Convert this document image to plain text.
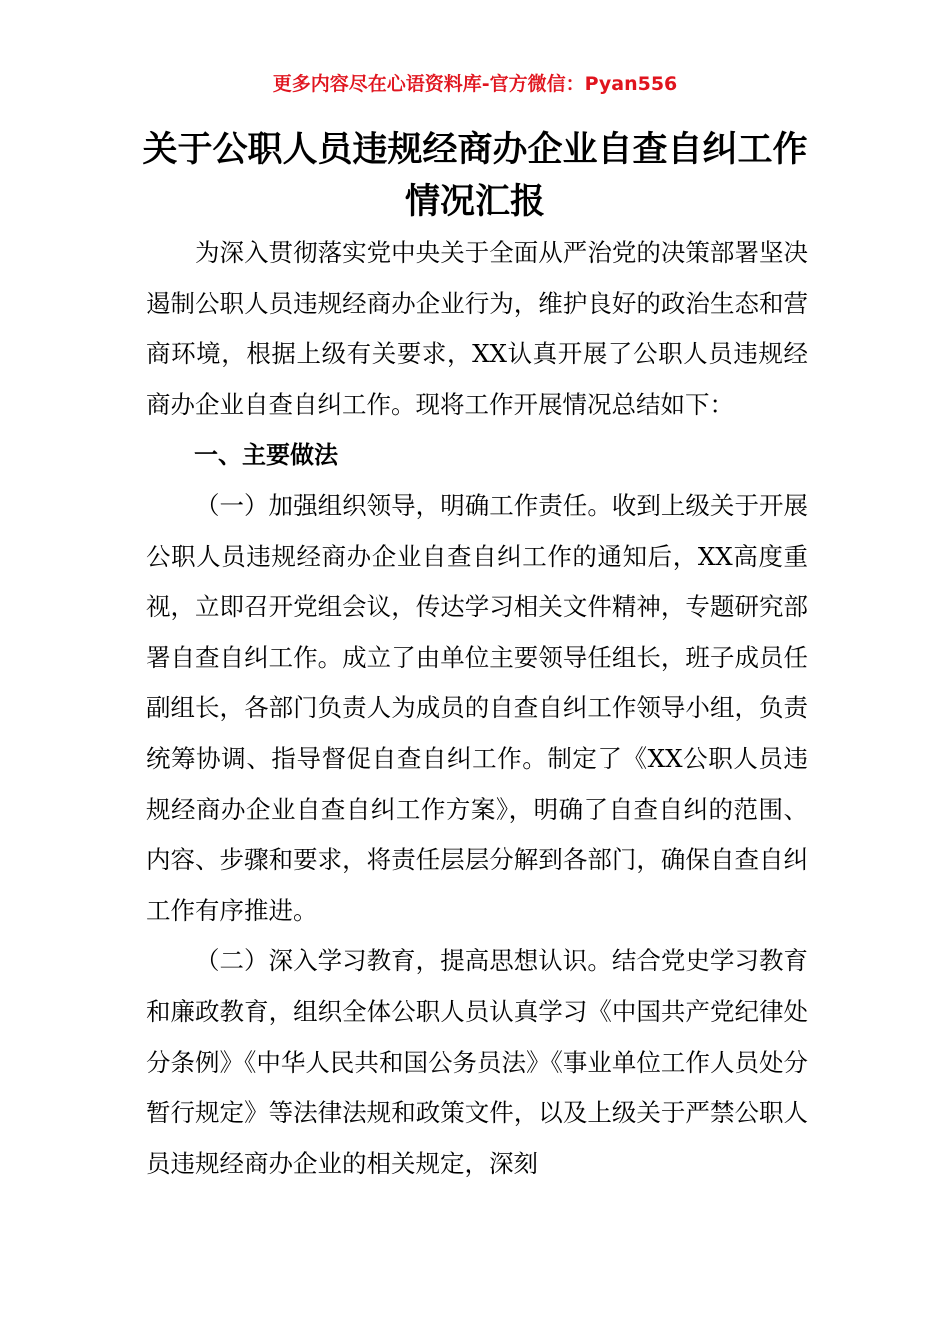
更多内容尽在心语资料库-官方微信：Pyan556
关于公职人员违规经商办企业自查自纠工作情况汇报

为深入贯彻落实党中央关于全面从严治党的决策部署坚决遏制公职人员违规经商办企业行为，维护良好的政治生态和营商环境，根据上级有关要求，XX认真开展了公职人员违规经商办企业自查自纠工作。现将工作开展情况总结如下：

一、主要做法

（一）加强组织领导，明确工作责任。收到上级关于开展公职人员违规经商办企业自查自纠工作的通知后，XX高度重视，立即召开党组会议，传达学习相关文件精神，专题研究部署自查自纠工作。成立了由单位主要领导任组长，班子成员任副组长，各部门负责人为成员的自查自纠工作领导小组，负责统筹协调、指导督促自查自纠工作。制定了《XX公职人员违规经商办企业自查自纠工作方案》，明确了自查自纠的范围、内容、步骤和要求，将责任层层分解到各部门，确保自查自纠工作有序推进。

（二）深入学习教育，提高思想认识。结合党史学习教育和廉政教育，组织全体公职人员认真学习《中国共产党纪律处分条例》《中华人民共和国公务员法》《事业单位工作人员处分暂行规定》等法律法规和政策文件，以及上级关于严禁公职人员违规经商办企业的相关规定，深刻
